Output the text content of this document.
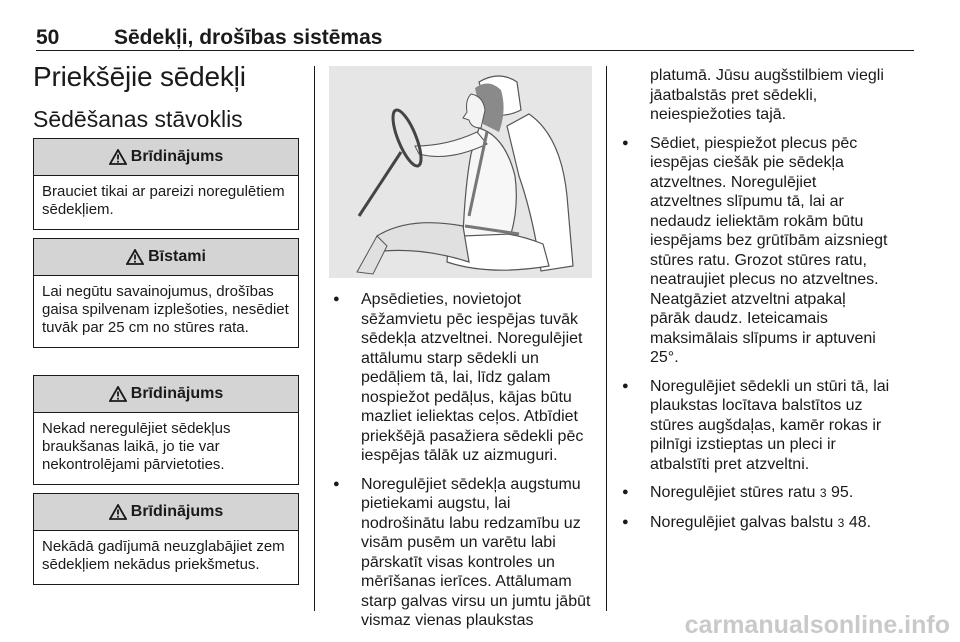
50	Sēdekļi, drošības sistēmas
Priekšējie sēdekļi
Sēdēšanas stāvoklis
Brīdinājums
Brauciet tikai ar pareizi noregulētiem sēdekļiem.
Bīstami
Lai negūtu savainojumus, drošības gaisa spilvenam izplešoties, nesēdiet tuvāk par 25 cm no stūres rata.
Brīdinājums
Nekad neregulējiet sēdekļus braukšanas laikā, jo tie var nekontrolējami pārvietoties.
Brīdinājums
Nekādā gadījumā neuzglabājiet zem sēdekļiem nekādus priekšmetus.
● Apsēdieties, novietojot sēžamvietu pēc iespējas tuvāk sēdekļa atzveltnei. Noregulējiet attālumu starp sēdekli un pedāļiem tā, lai, līdz galam nospiežot pedāļus, kājas būtu mazliet ieliektas ceļos. Atbīdiet priekšējā pasažiera sēdekli pēc iespējas tālāk uz aizmuguri.
● Noregulējiet sēdekļa augstumu pietiekami augstu, lai nodrošinātu labu redzamību uz visām pusēm un varētu labi pārskatīt visas kontroles un mērīšanas ierīces. Attālumam starp galvas virsu un jumtu jābūt vismaz vienas plaukstas
platumā. Jūsu augšstilbiem viegli jāatbalstās pret sēdekli, neiespiežoties tajā.
● Sēdiet, piespiežot plecus pēc iespējas ciešāk pie sēdekļa atzveltnes. Noregulējiet atzveltnes slīpumu tā, lai ar nedaudz ieliektām rokām būtu iespējams bez grūtībām aizsniegt stūres ratu. Grozot stūres ratu, neatraujiet plecus no atzveltnes. Neatgāziet atzveltni atpakaļ pārāk daudz. Ieteicamais maksimālais slīpums ir aptuveni 25°.
● Noregulējiet sēdekli un stūri tā, lai plaukstas locītava balstītos uz stūres augšdaļas, kamēr rokas ir pilnīgi izstieptas un pleci ir atbalstīti pret atzveltni.
● Noregulējiet stūres ratu 3 95.
● Noregulējiet galvas balstu 3 48.
carmanualsonline.info
